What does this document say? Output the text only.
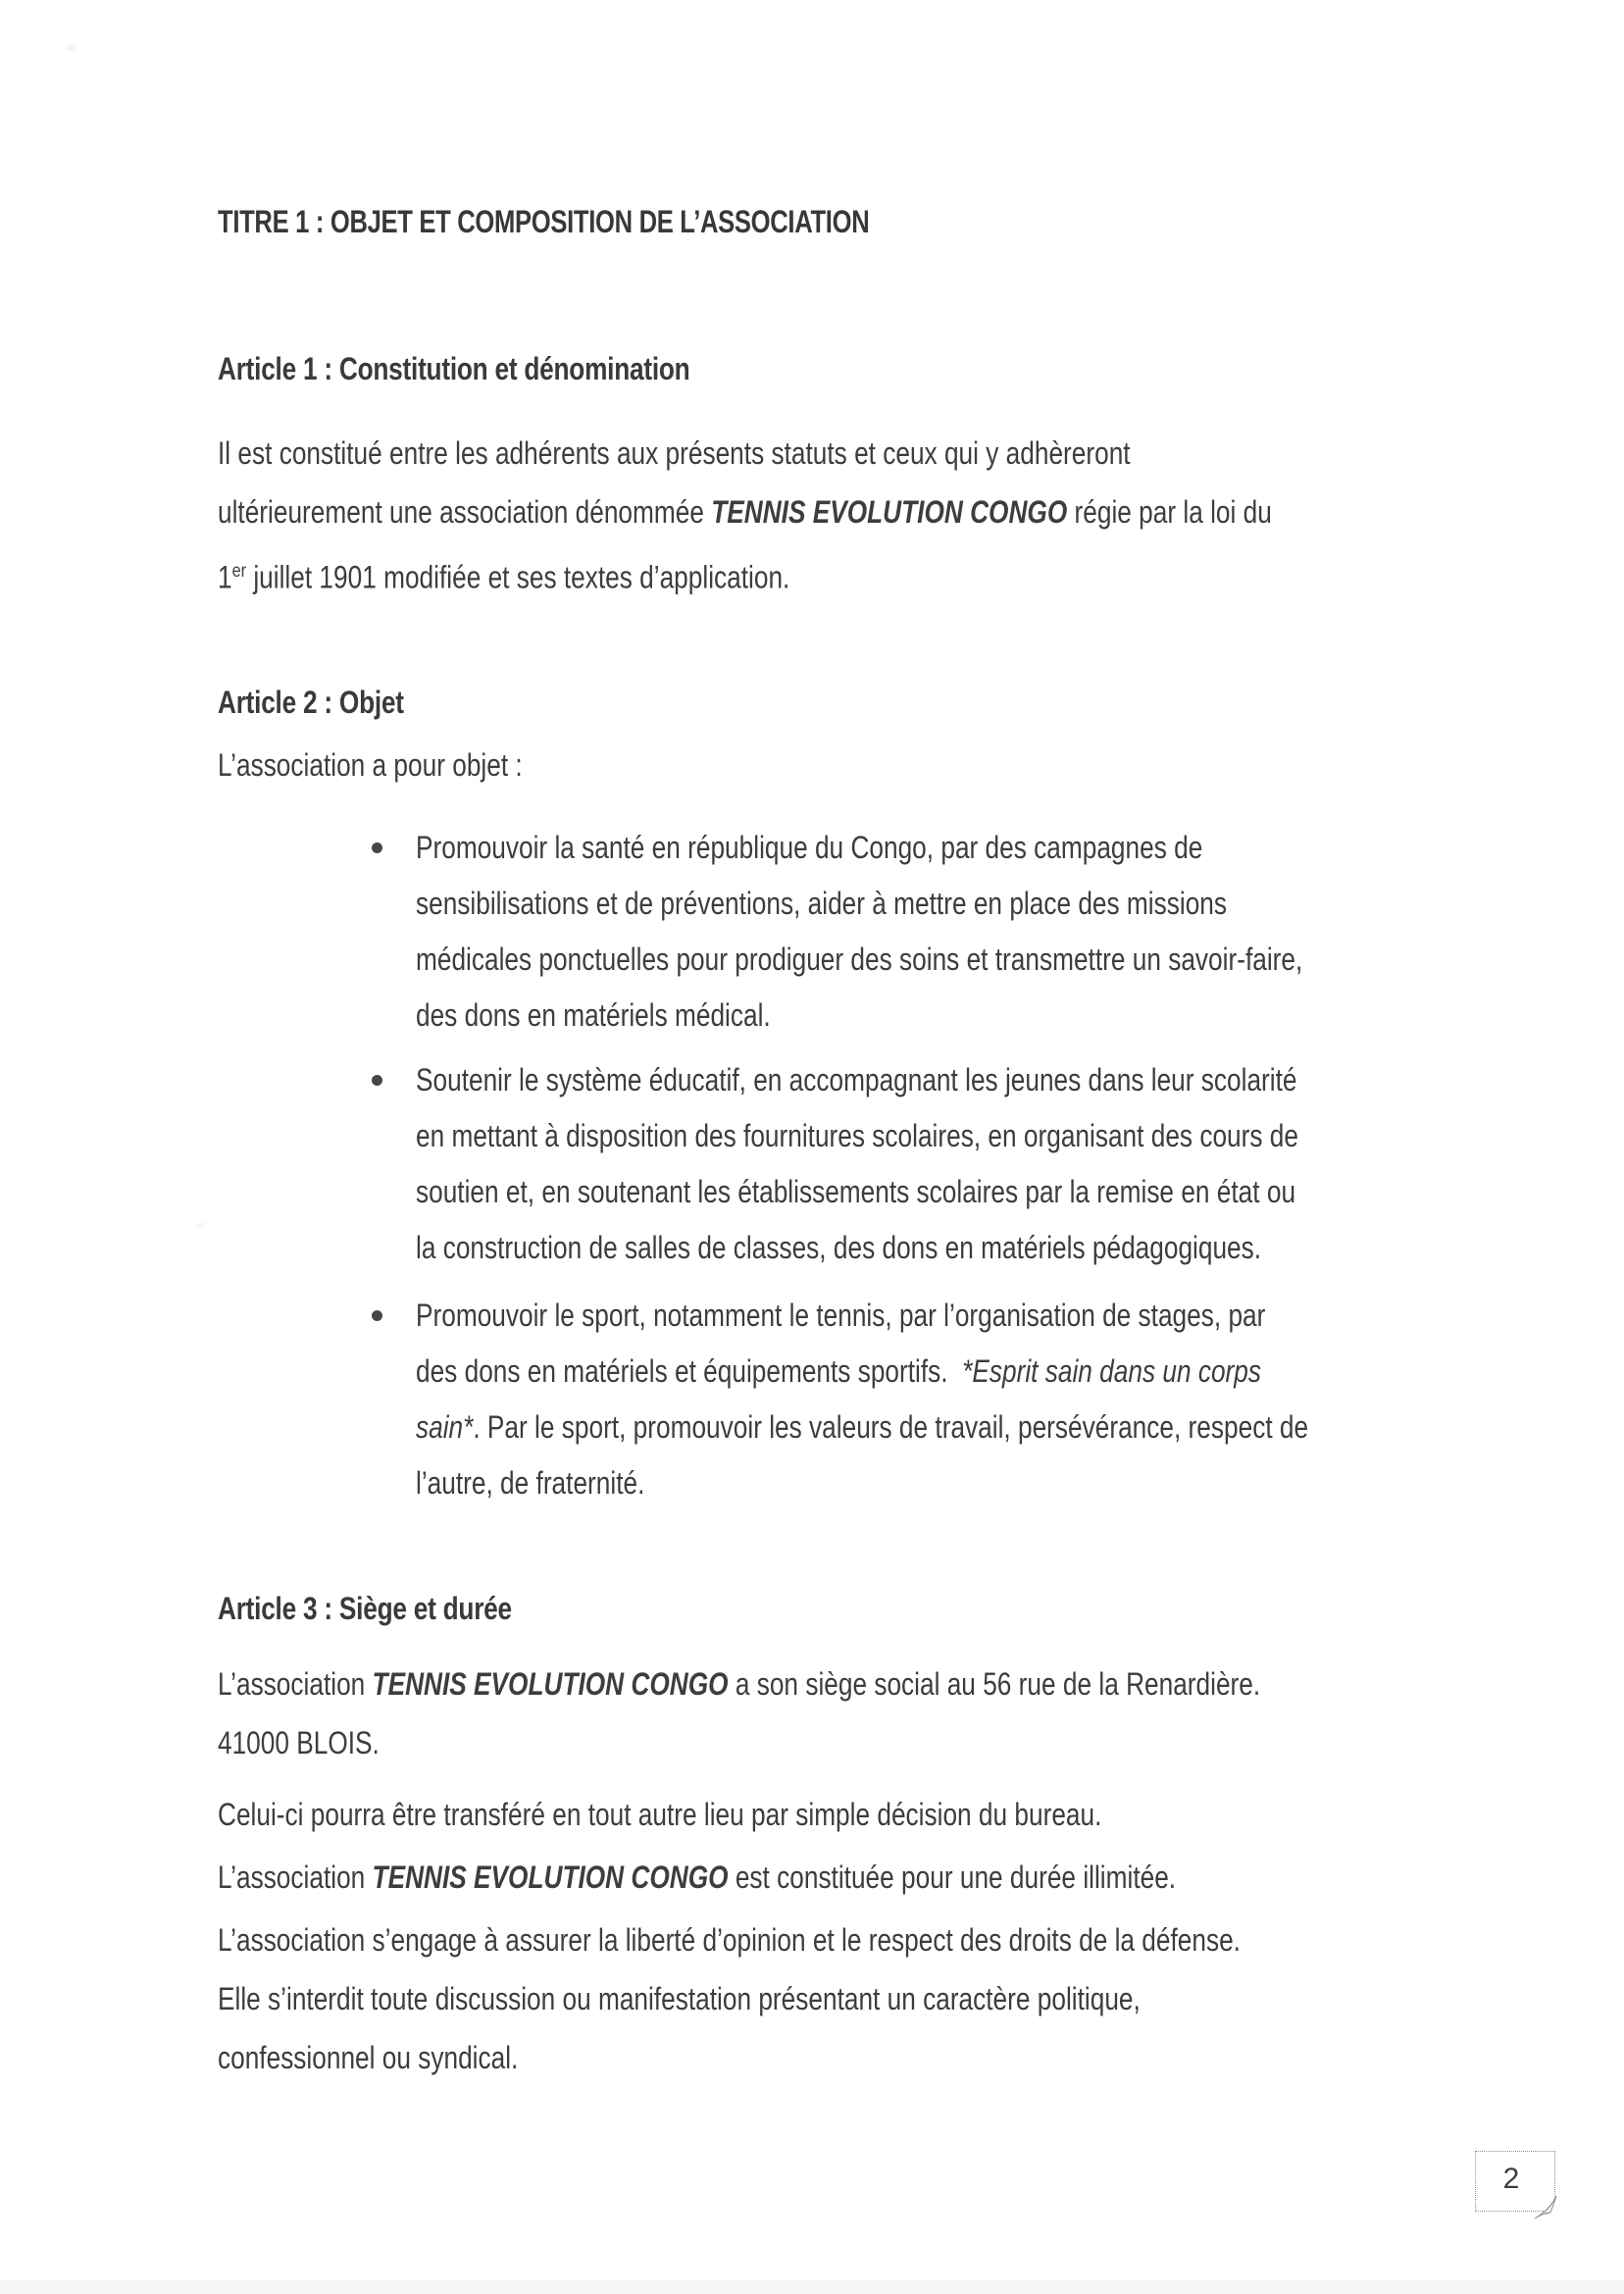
TITRE 1 : OBJET ET COMPOSITION DE L’ASSOCIATION
Article 1 : Constitution et dénomination
Il est constitué entre les adhérents aux présents statuts et ceux qui y adhèreront
ultérieurement une association dénommée TENNIS EVOLUTION CONGO régie par la loi du
1er juillet 1901 modifiée et ses textes d’application.
Article 2 : Objet
L’association a pour objet :
Promouvoir la santé en république du Congo, par des campagnes de
sensibilisations et de préventions, aider à mettre en place des missions
médicales ponctuelles pour prodiguer des soins et transmettre un savoir-faire,
des dons en matériels médical.
Soutenir le système éducatif, en accompagnant les jeunes dans leur scolarité
en mettant à disposition des fournitures scolaires, en organisant des cours de
soutien et, en soutenant les établissements scolaires par la remise en état ou
la construction de salles de classes, des dons en matériels pédagogiques.
Promouvoir le sport, notamment le tennis, par l’organisation de stages, par
des dons en matériels et équipements sportifs.  *Esprit sain dans un corps
sain*. Par le sport, promouvoir les valeurs de travail, persévérance, respect de
l’autre, de fraternité.
Article 3 : Siège et durée
L’association TENNIS EVOLUTION CONGO a son siège social au 56 rue de la Renardière.
41000 BLOIS.
Celui-ci pourra être transféré en tout autre lieu par simple décision du bureau.
L’association TENNIS EVOLUTION CONGO est constituée pour une durée illimitée.
L’association s’engage à assurer la liberté d’opinion et le respect des droits de la défense.
Elle s’interdit toute discussion ou manifestation présentant un caractère politique,
confessionnel ou syndical.
2
